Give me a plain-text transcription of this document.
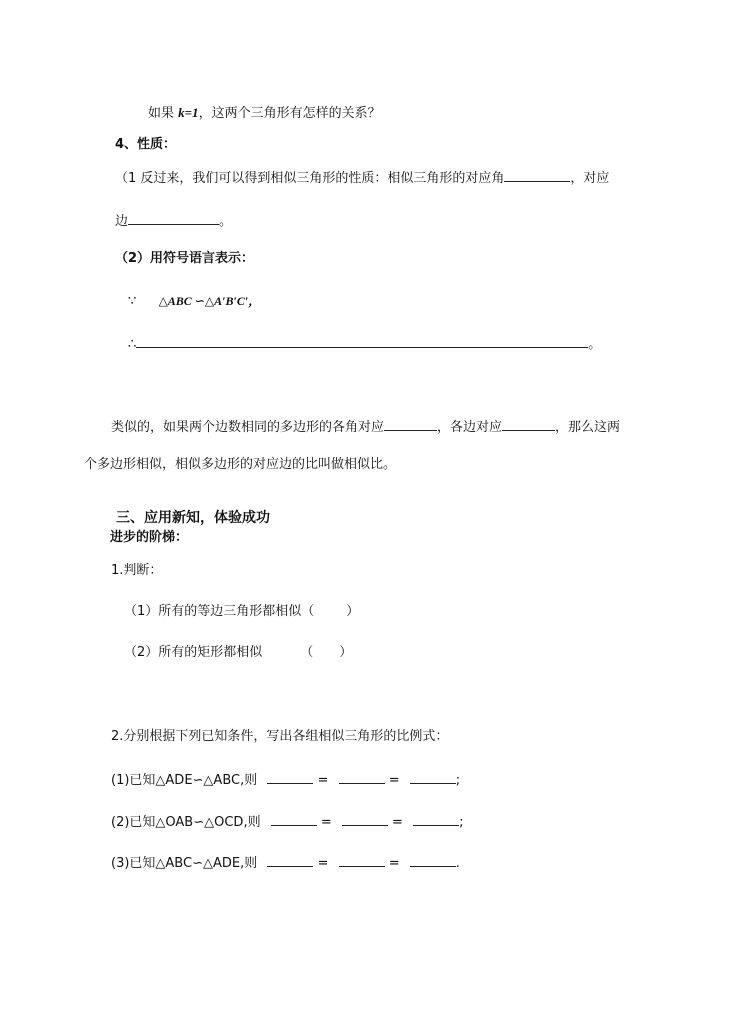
如果 k=1，这两个三角形有怎样的关系？
4、性质：
（1 反过来，我们可以得到相似三角形的性质：相似三角形的对应角	，对应
边	。
（2）用符号语言表示：
∵ △ABC ∽△A′B′C′，
∴	。
类似的，如果两个边数相同的多边形的各角对应	，各边对应	，那么这两
个多边形相似，相似多边形的对应边的比叫做相似比。
三、应用新知，体验成功
进步的阶梯：
1.判断：
（1）所有的等边三角形都相似（ ）
（2）所有的矩形都相似	（ ）
2.分别根据下列已知条件，写出各组相似三角形的比例式：
(1)已知△ADE∽△ABC,则	=	=	;
(2)已知△OAB∽△OCD,则	=	=	;
(3)已知△ABC∽△ADE,则	=	=	.
